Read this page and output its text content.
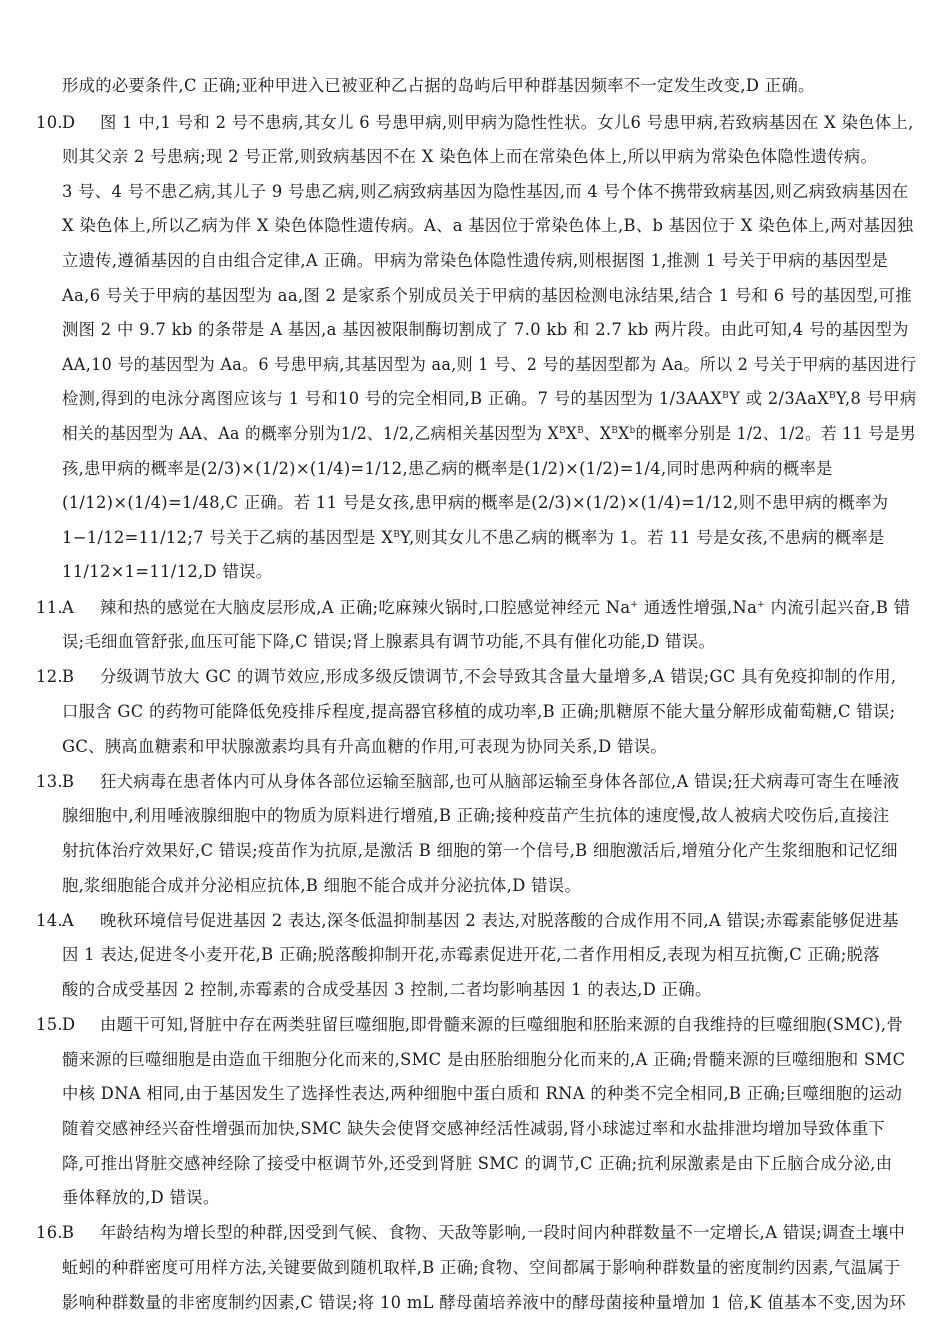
形成的必要条件,C 正确;亚种甲进入已被亚种乙占据的岛屿后甲种群基因频率不一定发生改变,D 正确。
10.D 图 1 中,1 号和 2 号不患病,其女儿 6 号患甲病,则甲病为隐性性状。女儿6 号患甲病,若致病基因在 X 染色体上,
则其父亲 2 号患病;现 2 号正常,则致病基因不在 X 染色体上而在常染色体上,所以甲病为常染色体隐性遗传病。
3 号、4 号不患乙病,其儿子 9 号患乙病,则乙病致病基因为隐性基因,而 4 号个体不携带致病基因,则乙病致病基因在
X 染色体上,所以乙病为伴 X 染色体隐性遗传病。A、a 基因位于常染色体上,B、b 基因位于 X 染色体上,两对基因独
立遗传,遵循基因的自由组合定律,A 正确。甲病为常染色体隐性遗传病,则根据图 1,推测 1 号关于甲病的基因型是
Aa,6 号关于甲病的基因型为 aa,图 2 是家系个别成员关于甲病的基因检测电泳结果,结合 1 号和 6 号的基因型,可推
测图 2 中 9.7 kb 的条带是 A 基因,a 基因被限制酶切割成了 7.0 kb 和 2.7 kb 两片段。由此可知,4 号的基因型为
AA,10 号的基因型为 Aa。6 号患甲病,其基因型为 aa,则 1 号、2 号的基因型都为 Aa。所以 2 号关于甲病的基因进行
检测,得到的电泳分离图应该与 1 号和10 号的完全相同,B 正确。7 号的基因型为 $1/3AAX^BY$ 或 2/3AaX$^B$Y,8 号甲病
相关的基因型为 AA、Aa 的概率分别为1/2、1/2,乙病相关基因型为 $X^BX^B$、$X^BX^b$的概率分别是 1/2、1/2。若 11 号是男
孩,患甲病的概率是(2/3)×(1/2)×(1/4)=1/12,患乙病的概率是(1/2)×(1/2)=1/4,同时患两种病的概率是
(1/12)×(1/4)=1/48,C 正确。若 11 号是女孩,患甲病的概率是(2/3)×(1/2)×(1/4)=1/12,则不患甲病的概率为
1−1/12=11/12;7 号关于乙病的基因型是 $X^BY$,则其女儿不患乙病的概率为 1。若 11 号是女孩,不患病的概率是
11/12×1=11/12,D 错误。
11.A 辣和热的感觉在大脑皮层形成,A 正确;吃麻辣火锅时,口腔感觉神经元 Na+ 通透性增强,Na+ 内流引起兴奋,B 错
误;毛细血管舒张,血压可能下降,C 错误;肾上腺素具有调节功能,不具有催化功能,D 错误。
12.B 分级调节放大 GC 的调节效应,形成多级反馈调节,不会导致其含量大量增多,A 错误;GC 具有免疫抑制的作用,
口服含 GC 的药物可能降低免疫排斥程度,提高器官移植的成功率,B 正确;肌糖原不能大量分解形成葡萄糖,C 错误;
GC、胰高血糖素和甲状腺激素均具有升高血糖的作用,可表现为协同关系,D 错误。
13.B 狂犬病毒在患者体内可从身体各部位运输至脑部,也可从脑部运输至身体各部位,A 错误;狂犬病毒可寄生在唾液
腺细胞中,利用唾液腺细胞中的物质为原料进行增殖,B 正确;接种疫苗产生抗体的速度慢,故人被病犬咬伤后,直接注
射抗体治疗效果好,C 错误;疫苗作为抗原,是激活 B 细胞的第一个信号,B 细胞激活后,增殖分化产生浆细胞和记忆细
胞,浆细胞能合成并分泌相应抗体,B 细胞不能合成并分泌抗体,D 错误。
14.A 晚秋环境信号促进基因 2 表达,深冬低温抑制基因 2 表达,对脱落酸的合成作用不同,A 错误;赤霉素能够促进基
因 1 表达,促进冬小麦开花,B 正确;脱落酸抑制开花,赤霉素促进开花,二者作用相反,表现为相互抗衡,C 正确;脱落
酸的合成受基因 2 控制,赤霉素的合成受基因 3 控制,二者均影响基因 1 的表达,D 正确。
15.D 由题干可知,肾脏中存在两类驻留巨噬细胞,即骨髓来源的巨噬细胞和胚胎来源的自我维持的巨噬细胞(SMC),骨
髓来源的巨噬细胞是由造血干细胞分化而来的,SMC 是由胚胎细胞分化而来的,A 正确;骨髓来源的巨噬细胞和 SMC
中核 DNA 相同,由于基因发生了选择性表达,两种细胞中蛋白质和 RNA 的种类不完全相同,B 正确;巨噬细胞的运动
随着交感神经兴奋性增强而加快,SMC 缺失会使肾交感神经活性减弱,肾小球滤过率和水盐排泄均增加导致体重下
降,可推出肾脏交感神经除了接受中枢调节外,还受到肾脏 SMC 的调节,C 正确;抗利尿激素是由下丘脑合成分泌,由
垂体释放的,D 错误。
16.B 年龄结构为增长型的种群,因受到气候、食物、天敌等影响,一段时间内种群数量不一定增长,A 错误;调查土壤中
蚯蚓的种群密度可用样方法,关键要做到随机取样,B 正确;食物、空间都属于影响种群数量的密度制约因素,气温属于
影响种群数量的非密度制约因素,C 错误;将 10 mL 酵母菌培养液中的酵母菌接种量增加 1 倍,K 值基本不变,因为环
